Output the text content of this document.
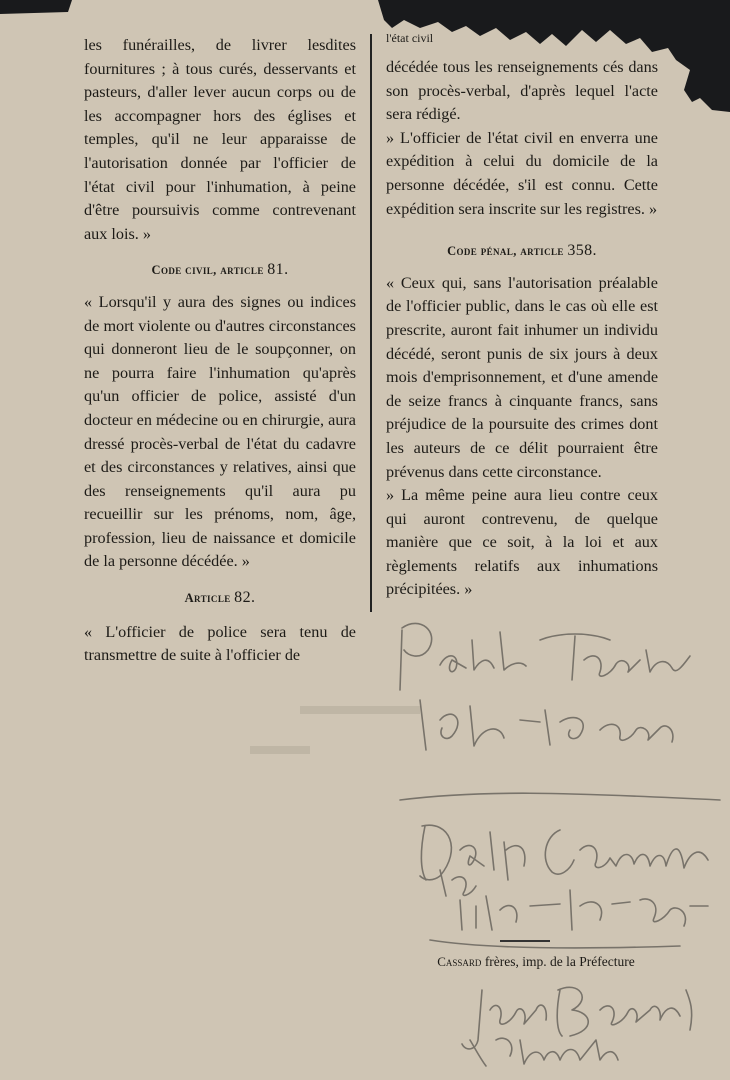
les funérailles, de livrer lesdites fournitures ; à tous curés, desservants et pasteurs, d'aller lever aucun corps ou de les accompagner hors des églises et temples, qu'il ne leur apparaisse de l'autorisation donnée par l'officier de l'état civil pour l'inhumation, à peine d'être poursuivis comme contrevenant aux lois. »

Code civil, article 81.

« Lorsqu'il y aura des signes ou indices de mort violente ou d'autres circonstances qui donneront lieu de le soupçonner, on ne pourra faire l'inhumation qu'après qu'un officier de police, assisté d'un docteur en médecine ou en chirurgie, aura dressé procès-verbal de l'état du cadavre et des circonstances y relatives, ainsi que des renseignements qu'il aura pu recueillir sur les prénoms, nom, âge, profession, lieu de naissance et domicile de la personne décédée. »

Article 82.

« L'officier de police sera tenu de transmettre de suite à l'officier de

l'état civil

décédée tous les renseignements cés dans son procès-verbal, d'après lequel l'acte sera rédigé.

» L'officier de l'état civil en enverra une expédition à celui du domicile de la personne décédée, s'il est connu. Cette expédition sera inscrite sur les registres. »

Code pénal, article 358.

« Ceux qui, sans l'autorisation préalable de l'officier public, dans le cas où elle est prescrite, auront fait inhumer un individu décédé, seront punis de six jours à deux mois d'emprisonnement, et d'une amende de seize francs à cinquante francs, sans préjudice de la poursuite des crimes dont les auteurs de ce délit pourraient être prévenus dans cette circonstance.

» La même peine aura lieu contre ceux qui auront contrevenu, de quelque manière que ce soit, à la loi et aux règlements relatifs aux inhumations précipitées. »

Cassard frères, imp. de la Préfecture
